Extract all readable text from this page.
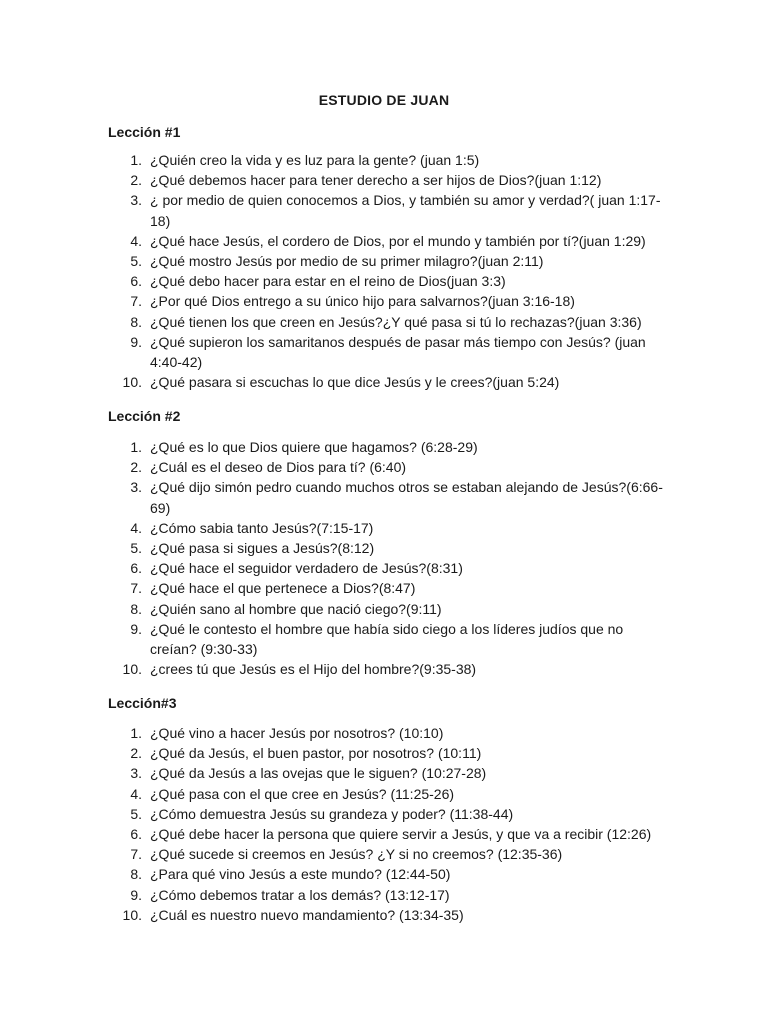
ESTUDIO DE JUAN
Lección #1
1. ¿Quién creo la vida y es luz para la gente? (juan 1:5)
2. ¿Qué debemos hacer para tener derecho a ser hijos de Dios?(juan 1:12)
3. ¿ por medio de quien conocemos a Dios, y también su amor y verdad?( juan 1:17-18)
4. ¿Qué hace Jesús, el cordero de Dios, por el mundo y también por tí?(juan 1:29)
5. ¿Qué mostro Jesús por medio de su primer milagro?(juan 2:11)
6. ¿Qué debo hacer para estar en el reino de Dios(juan 3:3)
7. ¿Por qué Dios entrego a su único hijo para salvarnos?(juan 3:16-18)
8. ¿Qué tienen los que creen en Jesús?¿Y qué pasa si tú lo rechazas?(juan 3:36)
9. ¿Qué supieron los samaritanos después de pasar más tiempo con Jesús? (juan 4:40-42)
10. ¿Qué pasara si escuchas lo que dice Jesús y le crees?(juan 5:24)
Lección #2
1. ¿Qué es lo que Dios quiere que hagamos? (6:28-29)
2. ¿Cuál es el deseo de Dios para tí? (6:40)
3. ¿Qué dijo simón pedro cuando muchos otros se estaban alejando de Jesús?(6:66-69)
4. ¿Cómo sabia tanto Jesús?(7:15-17)
5. ¿Qué pasa si sigues a Jesús?(8:12)
6. ¿Qué hace el seguidor verdadero de Jesús?(8:31)
7. ¿Qué hace el que pertenece a Dios?(8:47)
8. ¿Quién sano al hombre que nació ciego?(9:11)
9. ¿Qué le contesto el hombre que había sido ciego a los líderes judíos que no creían? (9:30-33)
10. ¿crees tú que Jesús es el Hijo del hombre?(9:35-38)
Lección#3
1. ¿Qué vino a hacer Jesús por nosotros? (10:10)
2. ¿Qué da Jesús, el buen pastor, por nosotros? (10:11)
3. ¿Qué da Jesús a las ovejas que le siguen? (10:27-28)
4. ¿Qué pasa con el que cree en Jesús? (11:25-26)
5. ¿Cómo demuestra Jesús su grandeza y poder? (11:38-44)
6. ¿Qué debe hacer la persona que quiere servir a Jesús, y que va a recibir (12:26)
7. ¿Qué sucede si creemos en Jesús? ¿Y si no creemos? (12:35-36)
8. ¿Para qué vino Jesús a este mundo? (12:44-50)
9. ¿Cómo debemos tratar a los demás? (13:12-17)
10. ¿Cuál es nuestro nuevo mandamiento? (13:34-35)
